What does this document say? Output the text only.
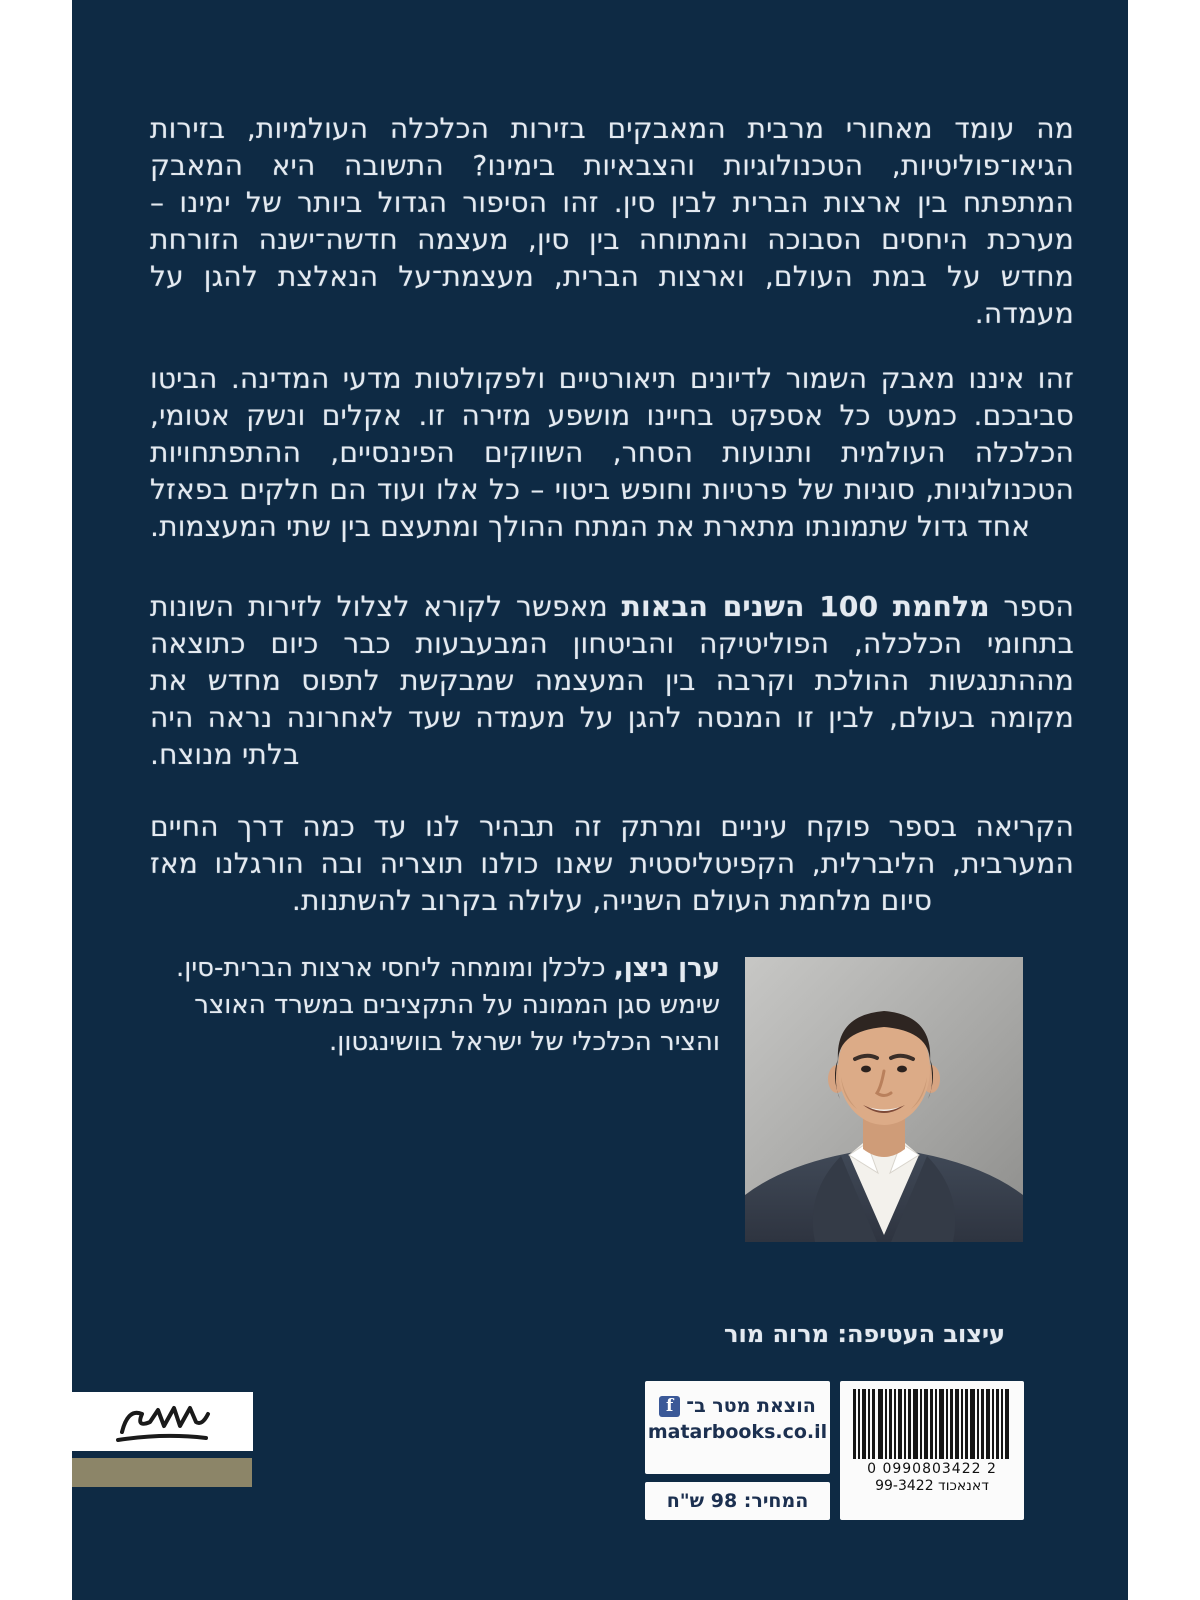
מה עומד מאחורי מרבית המאבקים בזירות הכלכלה העולמיות, בזירות הגיאו־פוליטיות, הטכנולוגיות והצבאיות בימינו? התשובה היא המאבק המתפתח בין ארצות הברית לבין סין. זהו הסיפור הגדול ביותר של ימינו – מערכת היחסים הסבוכה והמתוחה בין סין, מעצמה חדשה־ישנה הזורחת מחדש על במת העולם, וארצות הברית, מעצמת־על הנאלצת להגן על מעמדה.

זהו איננו מאבק השמור לדיונים תיאורטיים ולפקולטות מדעי המדינה. הביטו סביבכם. כמעט כל אספקט בחיינו מושפע מזירה זו. אקלים ונשק אטומי, הכלכלה העולמית ותנועות הסחר, השווקים הפיננסיים, ההתפתחויות הטכנולוגיות, סוגיות של פרטיות וחופש ביטוי – כל אלו ועוד הם חלקים בפאזל אחד גדול שתמונתו מתארת את המתח ההולך ומתעצם בין שתי המעצמות.

הספר מלחמת 100 השנים הבאות מאפשר לקורא לצלול לזירות השונות בתחומי הכלכלה, הפוליטיקה והביטחון המבעבעות כבר כיום כתוצאה מההתנגשות ההולכת וקרבה בין המעצמה שמבקשת לתפוס מחדש את מקומה בעולם, לבין זו המנסה להגן על מעמדה שעד לאחרונה נראה היה בלתי מנוצח.

הקריאה בספר פוקח עיניים ומרתק זה תבהיר לנו עד כמה דרך החיים המערבית, הליברלית, הקפיטליסטית שאנו כולנו תוצריה ובה הורגלנו מאז סיום מלחמת העולם השנייה, עלולה בקרוב להשתנות.

ערן ניצן, כלכלן ומומחה ליחסי ארצות הברית-סין. שימש סגן הממונה על התקציבים במשרד האוצר והציר הכלכלי של ישראל בוושינגטון.
עיצוב העטיפה: מרוה מור
הוצאת מטר ב־
f
matarbooks.co.il
המחיר: 98 ש"ח
0 0990803422 2
דאנאכוד 99-3422
